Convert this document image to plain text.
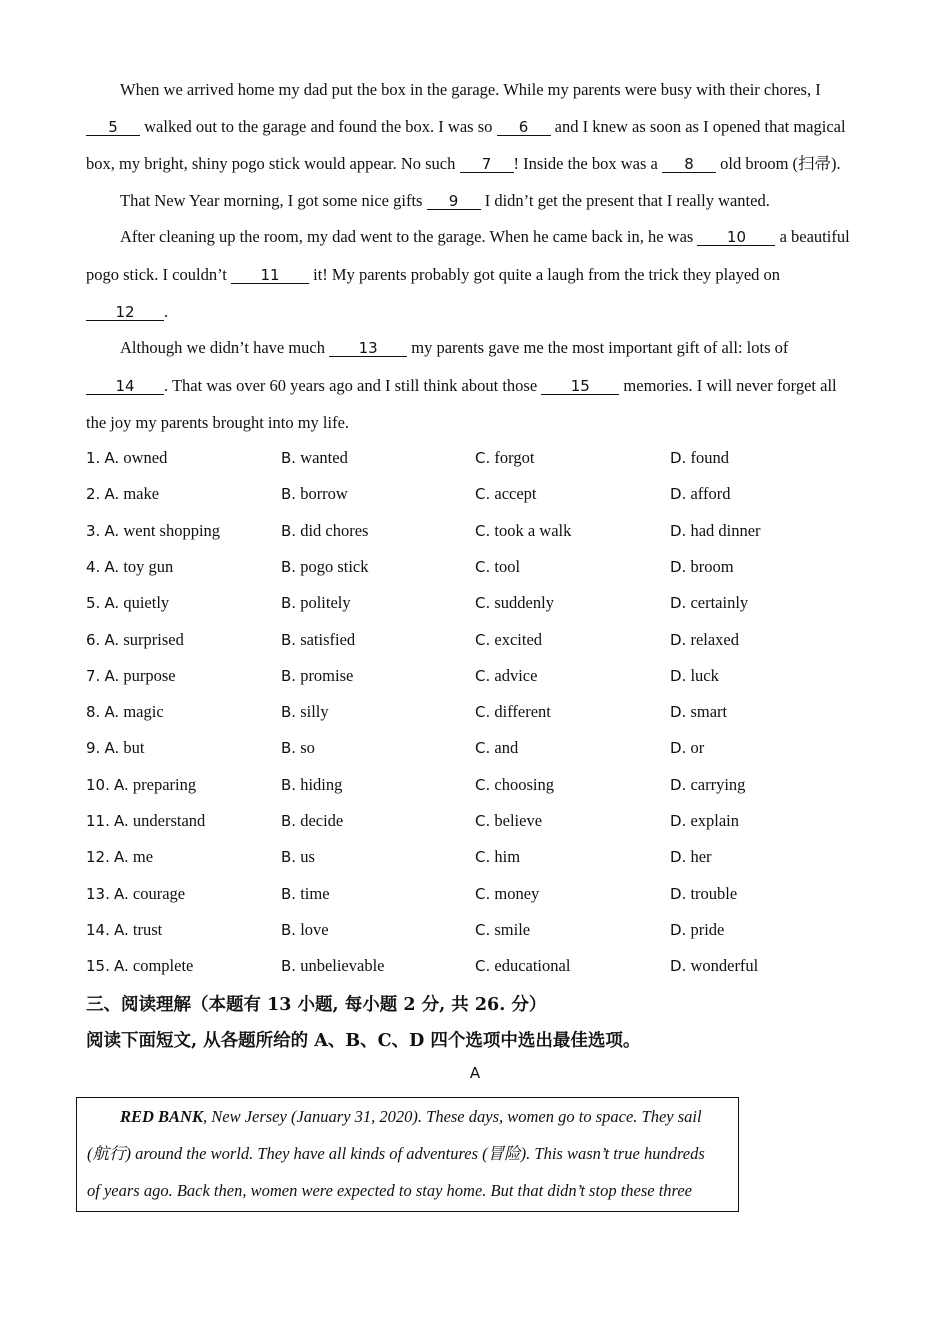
When we arrived home my dad put the box in the garage. While my parents were busy with their chores, I
5 walked out to the garage and found the box. I was so 6 and I knew as soon as I opened that magical
box, my bright, shiny pogo stick would appear. No such 7 ! Inside the box was a 8 old broom (扫帚).
That New Year morning, I got some nice gifts 9 I didn’t get the present that I really wanted.
After cleaning up the room, my dad went to the garage. When he came back in, he was 10 a beautiful
pogo stick. I couldn’t 11 it! My parents probably got quite a laugh from the trick they played on
12 .
Although we didn’t have much 13 my parents gave me the most important gift of all: lots of
14 . That was over 60 years ago and I still think about those 15 memories. I will never forget all
the joy my parents brought into my life.
1. A. owned	B. wanted	C. forgot	D. found
2. A. make	B. borrow	C. accept	D. afford
3. A. went shopping	B. did chores	C. took a walk	D. had dinner
4. A. toy gun	B. pogo stick	C. tool	D. broom
5. A. quietly	B. politely	C. suddenly	D. certainly
6. A. surprised	B. satisfied	C. excited	D. relaxed
7. A. purpose	B. promise	C. advice	D. luck
8. A. magic	B. silly	C. different	D. smart
9. A. but	B. so	C. and	D. or
10. A. preparing	B. hiding	C. choosing	D. carrying
11. A. understand	B. decide	C. believe	D. explain
12. A. me	B. us	C. him	D. her
13. A. courage	B. time	C. money	D. trouble
14. A. trust	B. love	C. smile	D. pride
15. A. complete	B. unbelievable	C. educational	D. wonderful
三、阅读理解（本题有 13 小题, 每小题 2 分, 共 26. 分）
阅读下面短文, 从各题所给的 A、B、C、D 四个选项中选出最佳选项。
A
RED BANK, New Jersey (January 31, 2020). These days, women go to space. They sail
(航行) around the world. They have all kinds of adventures (冒险). This wasn’t true hundreds
of years ago. Back then, women were expected to stay home. But that didn’t stop these three
